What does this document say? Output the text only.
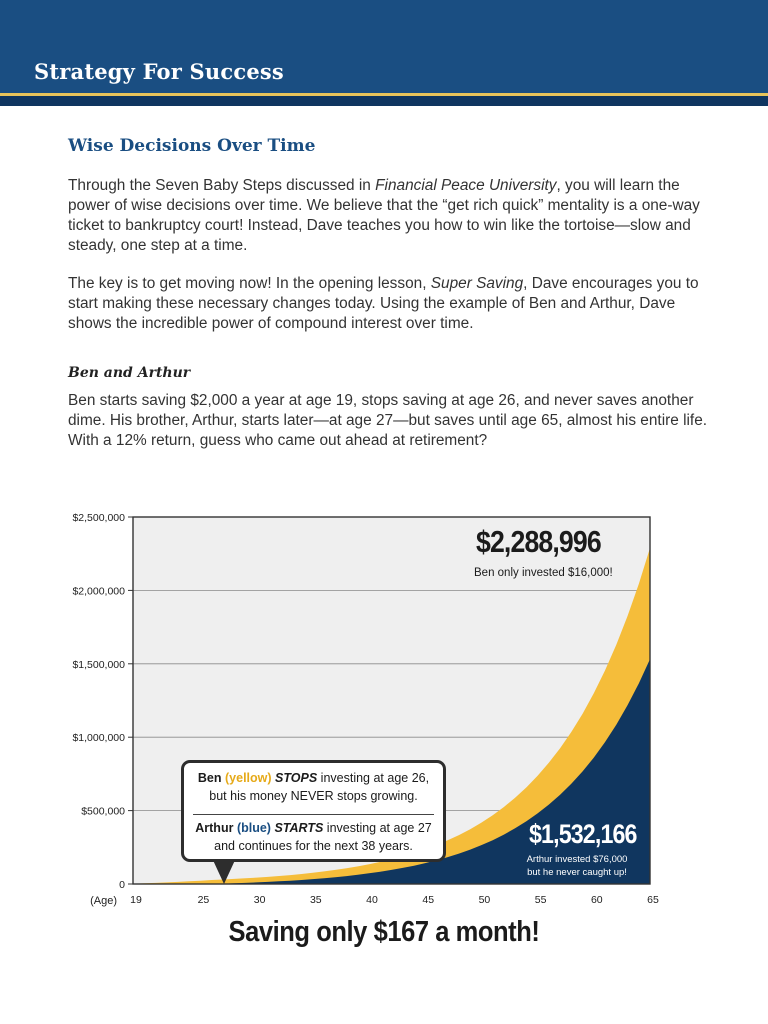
Strategy For Success
Wise Decisions Over Time
Through the Seven Baby Steps discussed in Financial Peace University, you will learn the power of wise decisions over time. We believe that the “get rich quick” mentality is a one-way ticket to bankruptcy court! Instead, Dave teaches you how to win like the tortoise—slow and steady, one step at a time.
The key is to get moving now! In the opening lesson, Super Saving, Dave encourages you to start making these necessary changes today. Using the example of Ben and Arthur, Dave shows the incredible power of compound interest over time.
Ben and Arthur
Ben starts saving $2,000 a year at age 19, stops saving at age 26, and never saves another dime. His brother, Arthur, starts later—at age 27—but saves until age 65, almost his entire life. With a 12% return, guess who came out ahead at retirement?
0
$500,000
$1,000,000
$1,500,000
$2,000,000
$2,500,000
19	25	30	35	40	45	50	55	60	65
(Age)
$2,288,996
Ben only invested $16,000!
$1,532,166
Arthur invested $76,000
but he never caught up!
Ben (yellow) STOPS investing at age 26, but his money NEVER stops growing.
Arthur (blue) STARTS investing at age 27 and continues for the next 38 years.
Saving only $167 a month!
